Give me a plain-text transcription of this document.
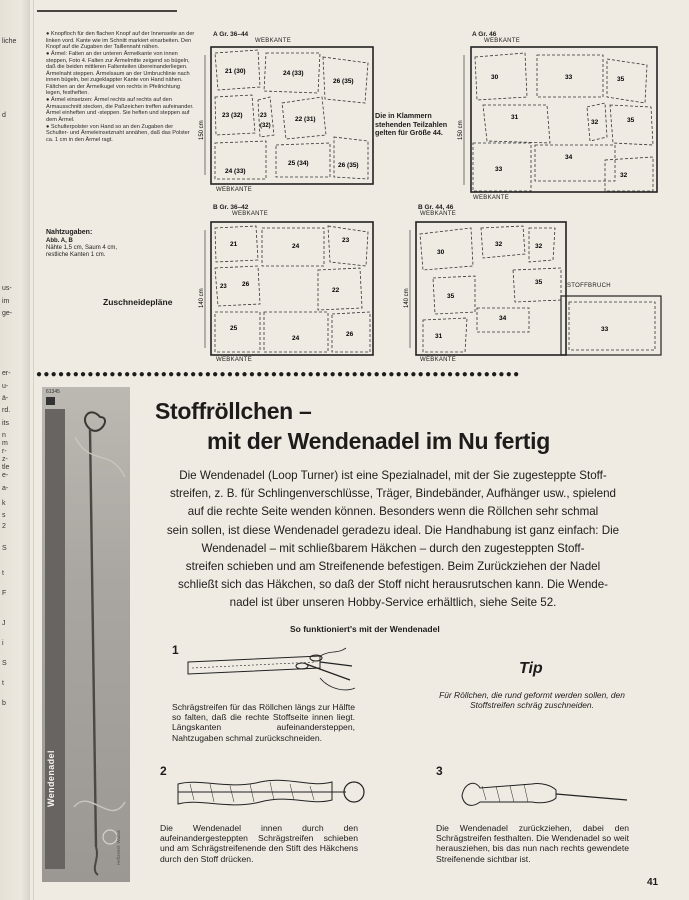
liche
d
us-
im
ge-
er-
u-
ä-
rd.
its
n
m
r-
z-
tle
e-
a-
k
s
2
S
t
F
J
i
S
t
b

● Knopfloch für den flachen Knopf auf der Innenseite an der linken vord. Kante wie im Schnitt markiert einarbeiten. Den Knopf auf die Zugaben der Taillennaht nähen.

● Ärmel: Falten an der unteren Ärmelkante von innen steppen, Foto 4. Falten zur Ärmelmitte zeigend so bügeln, daß die beiden mittleren Faltenteilen übereinanderliegen. Ärmelnaht steppen. Ärmelsaum an der Umbruchlinie nach innen bügeln, bei zugeklappter Kante von Hand nähen. Fältchen an der Ärmelkugel von rechts in Pfeilrichtung legen, festheften.

● Ärmel einsetzen: Ärmel rechts auf rechts auf den Armausschnitt stecken, die Paßzeichen treffen aufeinander. Ärmel einheften und -steppen. Sie heften und steppen auf dem Ärmel.

● Schulterpolster von Hand so an den Zugaben der Schulter- und Ärmeleinsetznaht annähen, daß das Polster ca. 1 cm in den Ärmel ragt.

Nahtzugaben:
Abb. A, B
Nähte 1,5 cm, Saum 4 cm,
restliche Kanten 1 cm.
Zuschneidepläne
A Gr. 36–44
WEBKANTE
WEBKANTE
150 cm
21 (30)	24 (33)
26 (35)
23 (32)	23
(32)
22 (31)
25 (34)	26 (35)
24 (33)
Die in Klammern stehenden Teilzahlen gelten für Größe 44.
A Gr. 46
WEBKANTE
WEBKANTE
150 cm
30	33	35
31
32	35
34
33
32
B Gr. 36–42
WEBKANTE
WEBKANTE
140 cm
21	24
23
23 26
22
25
24
26
B Gr. 44, 46
WEBKANTE
WEBKANTE
STOFFBRUCH
140 cm
30
32	32
35
35
31
34
33
●●●●●●●●●●●●●●●●●●●●●●●●●●●●●●●●●●●●●●●●●●●●●●●●●●●●●●●●●●●●●●●●●●
61345
Wendenadel
Heftzettel: Wallas
Stoffröllchen –
mit der Wendenadel im Nu fertig
Die Wendenadel (Loop Turner) ist eine Spezialnadel, mit der Sie zugesteppte Stoff-
streifen, z. B. für Schlingenverschlüsse, Träger, Bindebänder, Aufhänger usw., spielend
auf die rechte Seite wenden können. Besonders wenn die Röllchen sehr schmal
sein sollen, ist diese Wendenadel geradezu ideal. Die Handhabung ist ganz einfach: Die
Wendenadel – mit schließbarem Häkchen – durch den zugesteppten Stoff-
streifen schieben und am Streifenende befestigen. Beim Zurückziehen der Nadel
schließt sich das Häkchen, so daß der Stoff nicht herausrutschen kann. Die Wende-
nadel ist über unseren Hobby-Service erhältlich, siehe Seite 52.
So funktioniert's mit der Wendenadel
1
Schrägstreifen für das Röllchen längs zur Hälfte so falten, daß die rechte Stoffseite innen liegt. Längskanten aufeinandersteppen, Nahtzugaben schmal zurückschneiden.
Tip
Für Röllchen, die rund geformt werden sollen, den Stoffstreifen schräg zuschneiden.
2
Die Wendenadel innen durch den aufeinandergesteppten Schrägstreifen schieben und am Schrägstreifenende den Stift des Häkchens durch den Stoff drücken.
3
Die Wendenadel zurückziehen, dabei den Schrägstreifen festhalten. Die Wendenadel so weit herausziehen, bis das nun nach rechts gewendete Streifenende sichtbar ist.
41
